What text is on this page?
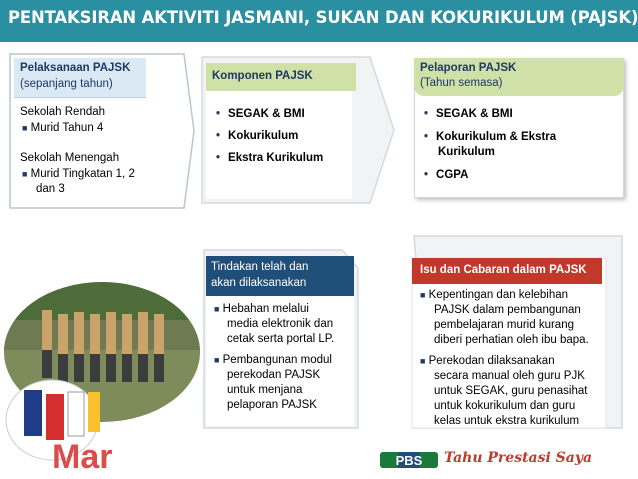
PENTAKSIRAN AKTIVITI JASMANI, SUKAN DAN KOKURIKULUM (PAJSK)
Pelaksanaan PAJSK
(sepanjang tahun)
Sekolah Rendah
■ Murid Tahun 4
Sekolah Menengah
■ Murid Tingkatan 1, 2
dan 3
Komponen PAJSK
• SEGAK & BMI
• Kokurikulum
• Ekstra Kurikulum
Pelaporan PAJSK
(Tahun semasa)
• SEGAK & BMI
• Kokurikulum & Ekstra
Kurikulum
• CGPA
Tindakan telah dan
akan dilaksanakan
■ Hebahan melalui
media elektronik dan
cetak serta portal LP.
■ Pembangunan modul
perekodan PAJSK
untuk menjana
pelaporan PAJSK
Isu dan Cabaran dalam PAJSK
■ Kepentingan dan kelebihan
PAJSK dalam pembangunan
pembelajaran murid kurang
diberi perhatian oleh ibu bapa.
■ Perekodan dilaksanakan
secara manual oleh guru PJK
untuk SEGAK, guru penasihat
untuk kokurikulum dan guru
kelas untuk ekstra kurikulum
Mar	PBS Tahu Prestasi Saya
